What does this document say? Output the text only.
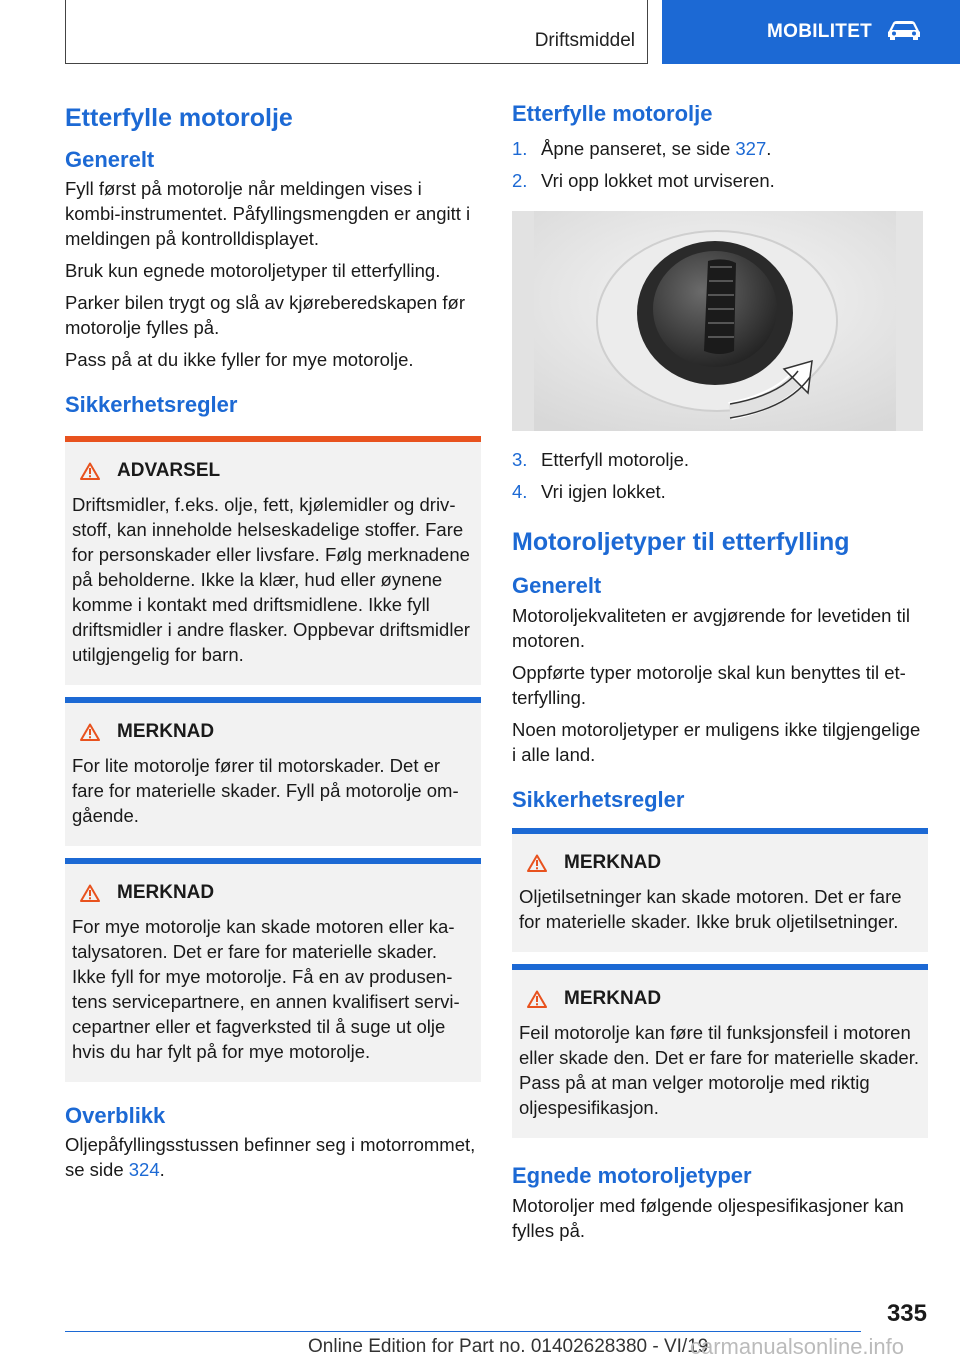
Driftsmiddel	MOBILITET
Etterfylle motorolje
Generelt

Fyll først på motorolje når meldingen vises i kombi-instrumentet. Påfyllingsmengden er angitt i meldingen på kontrolldisplayet.

Bruk kun egnede motoroljetyper til etterfylling.

Parker bilen trygt og slå av kjøreberedskapen før motorolje fylles på.

Pass på at du ikke fyller for mye motorolje.

Sikkerhetsregler
ADVARSEL

Driftsmidler, f.eks. olje, fett, kjølemidler og drivstoff, kan inneholde helseskadelige stoffer. Fare for personskader eller livsfare. Følg merknadene på beholderne. Ikke la klær, hud eller øynene komme i kontakt med driftsmidlene. Ikke fyll driftsmidler i andre flasker. Oppbevar driftsmidler utilgjengelig for barn.

MERKNAD

For lite motorolje fører til motorskader. Det er fare for materielle skader. Fyll på motorolje omgående.

MERKNAD

For mye motorolje kan skade motoren eller katalysatoren. Det er fare for materielle skader. Ikke fyll for mye motorolje. Få en av produsentens servicepartnere, en annen kvalifisert servicepartner eller et fagverksted til å suge ut olje hvis du har fylt på for mye motorolje.

Overblikk

Oljepåfyllingsstussen befinner seg i motorrommet, se side 324.

Etterfylle motorolje
1. Åpne panseret, se side 327.
2. Vri opp lokket mot urviseren.
3. Etterfyll motorolje.
4. Vri igjen lokket.
Motoroljetyper til etterfylling
Generelt

Motoroljekvaliteten er avgjørende for levetiden til motoren.

Oppførte typer motorolje skal kun benyttes til etterfylling.

Noen motoroljetyper er muligens ikke tilgjengelige i alle land.

Sikkerhetsregler
MERKNAD

Oljetilsetninger kan skade motoren. Det er fare for materielle skader. Ikke bruk oljetilsetninger.

MERKNAD

Feil motorolje kan føre til funksjonsfeil i motoren eller skade den. Det er fare for materielle skader. Pass på at man velger motorolje med riktig oljespesifikasjon.

Egnede motoroljetyper

Motoroljer med følgende oljespesifikasjoner kan fylles på.

335
Online Edition for Part no. 01402628380 - VI/19
carmanualsonline.info
